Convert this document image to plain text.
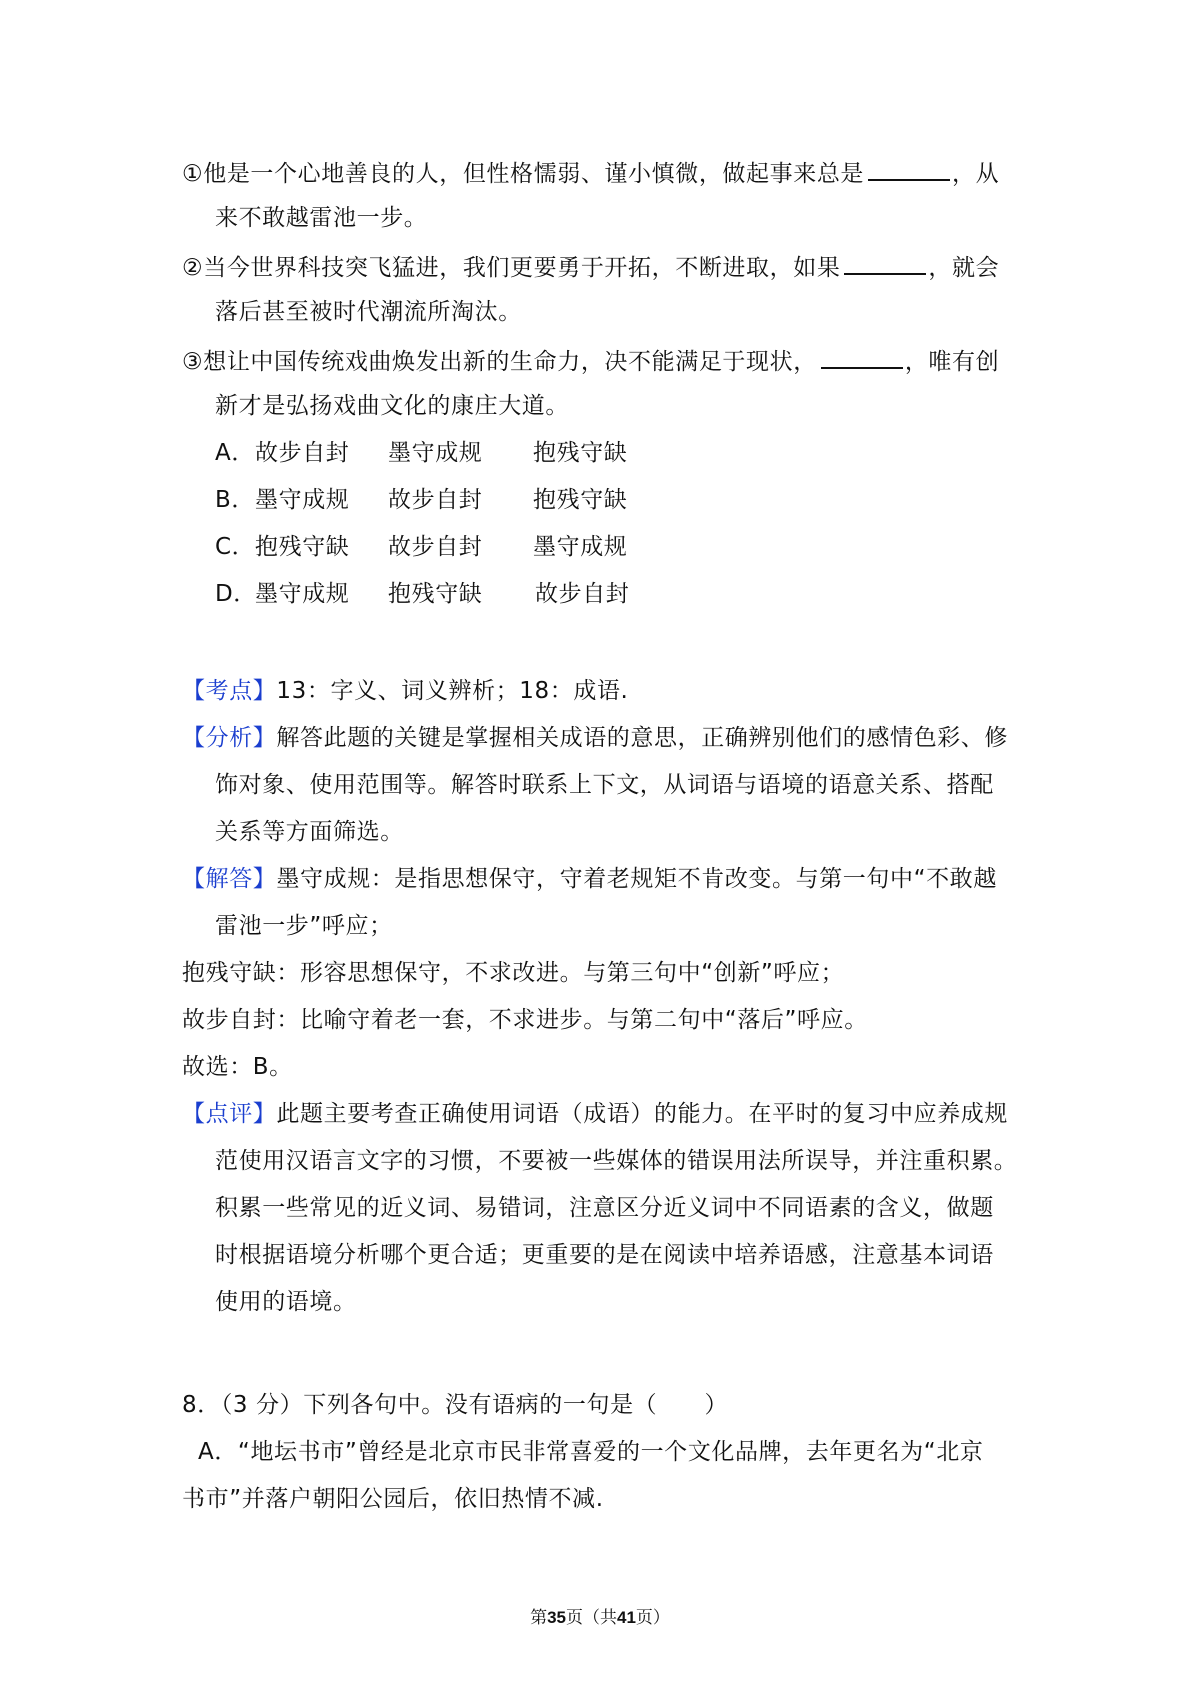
①他是一个心地善良的人，但性格懦弱、谨小慎微，做起事来总是	，从
来不敢越雷池一步。
②当今世界科技突飞猛进，我们更要勇于开拓，不断进取，如果	，就会
落后甚至被时代潮流所淘汰。
③想让中国传统戏曲焕发出新的生命力，决不能满足于现状，	，唯有创
新才是弘扬戏曲文化的康庄大道。
A．故步自封 墨守成规 抱残守缺
B．墨守成规 故步自封 抱残守缺
C．抱残守缺 故步自封 墨守成规
D．墨守成规 抱残守缺 故步自封
【考点】13：字义、词义辨析；18：成语.
【分析】解答此题的关键是掌握相关成语的意思，正确辨别他们的感情色彩、修
饰对象、使用范围等。解答时联系上下文，从词语与语境的语意关系、搭配
关系等方面筛选。
【解答】墨守成规：是指思想保守，守着老规矩不肯改变。与第一句中“不敢越
雷池一步”呼应；
抱残守缺：形容思想保守，不求改进。与第三句中“创新”呼应；
故步自封：比喻守着老一套，不求进步。与第二句中“落后”呼应。
故选：B。
【点评】此题主要考查正确使用词语（成语）的能力。在平时的复习中应养成规
范使用汉语言文字的习惯，不要被一些媒体的错误用法所误导，并注重积累。
积累一些常见的近义词、易错词，注意区分近义词中不同语素的含义，做题
时根据语境分析哪个更合适；更重要的是在阅读中培养语感，注意基本词语
使用的语境。
8．（3 分）下列各句中。没有语病的一句是（　　）
A．“地坛书市”曾经是北京市民非常喜爱的一个文化品牌，去年更名为“北京
书市”并落户朝阳公园后，依旧热情不减.
第35页（共41页）
